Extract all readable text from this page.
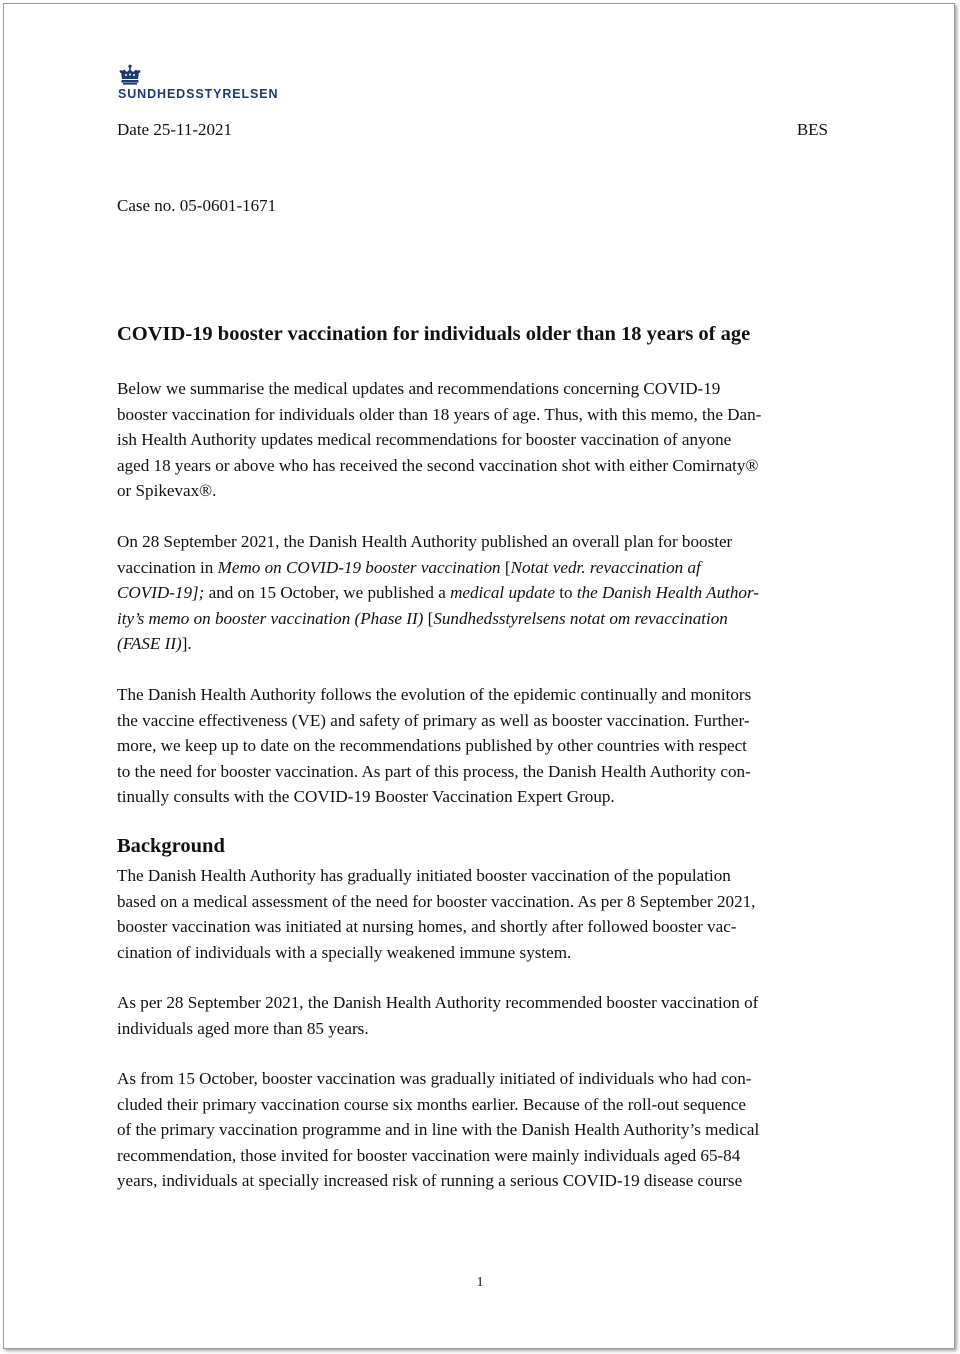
SUNDHEDSSTYRELSEN
Date 25-11-2021	BES
Case no. 05-0601-1671
COVID-19 booster vaccination for individuals older than 18 years of age

Below we summarise the medical updates and recommendations concerning COVID-19
booster vaccination for individuals older than 18 years of age. Thus, with this memo, the Dan-
ish Health Authority updates medical recommendations for booster vaccination of anyone
aged 18 years or above who has received the second vaccination shot with either Comirnaty®
or Spikevax®.

On 28 September 2021, the Danish Health Authority published an overall plan for booster
vaccination in Memo on COVID-19 booster vaccination [Notat vedr. revaccination af
COVID-19]; and on 15 October, we published a medical update to the Danish Health Author-
ity’s memo on booster vaccination (Phase II) [Sundhedsstyrelsens notat om revaccination
(FASE II)].

The Danish Health Authority follows the evolution of the epidemic continually and monitors
the vaccine effectiveness (VE) and safety of primary as well as booster vaccination. Further-
more, we keep up to date on the recommendations published by other countries with respect
to the need for booster vaccination. As part of this process, the Danish Health Authority con-
tinually consults with the COVID-19 Booster Vaccination Expert Group.

Background

The Danish Health Authority has gradually initiated booster vaccination of the population
based on a medical assessment of the need for booster vaccination. As per 8 September 2021,
booster vaccination was initiated at nursing homes, and shortly after followed booster vac-
cination of individuals with a specially weakened immune system.

As per 28 September 2021, the Danish Health Authority recommended booster vaccination of
individuals aged more than 85 years.

As from 15 October, booster vaccination was gradually initiated of individuals who had con-
cluded their primary vaccination course six months earlier. Because of the roll-out sequence
of the primary vaccination programme and in line with the Danish Health Authority’s medical
recommendation, those invited for booster vaccination were mainly individuals aged 65-84
years, individuals at specially increased risk of running a serious COVID-19 disease course

1
